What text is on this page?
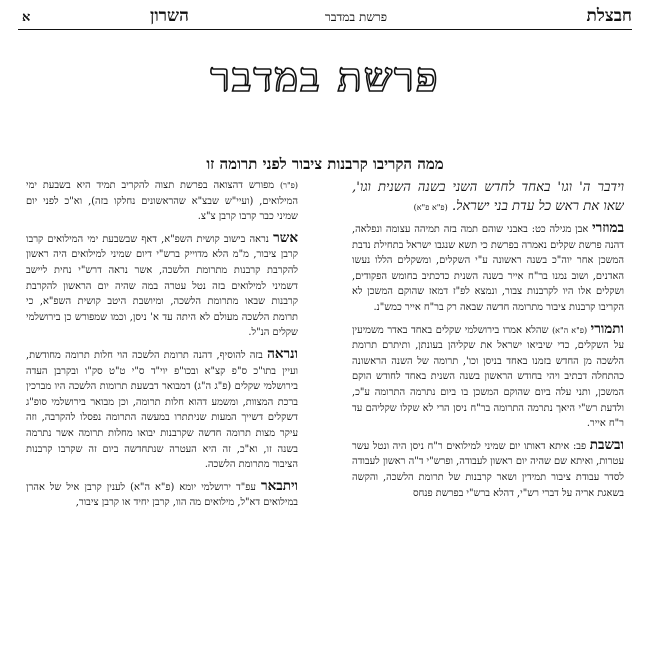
חבצלת
פרשת במדבר
השרון
א
פרשת במדבר
ממה הקריבו קרבנות ציבור לפני תרומה זו

וידבר ה' וגו' באחד לחדש השני בשנה השנית וגו', שאו את ראש כל עדת בני ישראל. (פ"א פ"א)

במוזרי אבן מגילה כט: באבני שוהם תמה בזה תמיהה עצומה ונפלאה, דהנה פרשת שקלים נאמרה בפרשת כי תשא שנגבו ישראל בתחילת נדבת המשכן אחר יוה"כ בשנה ראשונה ע"י השקלים, ומשקלים הללו נעשו האדנים, ושוב נמנו בר"ח אייר בשנה השנית כדכתיב בחומש הפקודים, ושקלים אלו היו לקרבנות צבור, ונמצא לפ"ז דמאז שהוקם המשכן לא הקריבו קרבנות ציבור מתרומה חדשה שבאה רק בר"ח אייר כמש"נ.

ותמורי (פ"א ה"א) שהלא אמרו בירושלמי שקלים באחד באדר משמיעין על השקלים, כדי שיביאו ישראל את שקליהן בעונתן, ותיתרם תרומת הלשכה מן החדש בזמנו באחד בניסן וכו', תרומה של השנה הראשונה כהתחלה דבתיב ויהי בחודש הראשון בשנה השנית באחד לחודש הוקם המשכן, ותני עלה ביום שהוקם המשכן בו ביום נתרמה התרומה ע"כ, ולדעת רש"י היאך נתרמה התרומה בר"ח ניסן הרי לא שקלו שקליהם עד ר"ח אייר.

ובשבת פב: איתא דאותו יום שמיני למילואים ר"ח ניסן היה ונטל עשר עטרות, ואיתא שם שהיה יום ראשון לעבודה, ופרש"י ד"ה ראשון לעבודה לסדר עבודת ציבור תמידין ושאר קרבנות של תרומת הלשכה, והקשה בשאגת אריה על דברי רש"י, דהלא ברש"י בפרשת פנחס

(פ"ר) מפורש דהצואה בפרשת תצוה להקריב תמיד היא בשבעת ימי המילואים, (ועיי"ש שבצ"א שהראשונים נחלקו בזה), וא"כ לפני יום שמיני כבר קרבו קרבן צ"צ.

אשר נראה בישוב קושית השפ"א, דאף שבשבעת ימי המילואים קרבו קרבן ציבור, מ"מ הלא מדוייק ברש"י דיום שמיני למילואים היה ראשון להקרבת קרבנות מתרומת הלשכה, אשר נראה דרש"י נחית ליישב דשמיני למילואים בזה נטל עטרה במה שהיה יום הראשון להקרבת קרבנות שבאו מתרומת הלשכה, ומיושבת היטב קושית השפ"א, כי תרומת הלשכה מעולם לא היתה עד א' ניסן, וכמו שמפורש כן בירושלמי שקלים הנ"ל.

ונראה בזה להוסיף, דהנה תרומת הלשכה הוי חלות תרומה מחודשת, ועיין בתו"כ ס"פ קצ"א ובכו"פ יוי"ד ס"י ט"ט סק"ו ובקרבן העדה בירושלמי שקלים (פ"ג ה"ג) דמבואר דבשעת תרומות הלשכה היו מברכין ברכת המצוות, ומשמע דהוא חלות תרומה, וכן מבואר בירושלמי סופ"ג דשקלים דשייך המעות שניתתרו במעשה התרומה נפסלו להקרבה, וזה עיקר מצות תרומה חדשה שקרבנות יבואו מחלות תרומה אשר נתרמה בשנה זו, וא"כ, זה היא העטרה שנתחדשה ביום זה שקרבו קרבנות הציבור מתרומת הלשכה.

ויתבאר עפ"ד ירושלמי יומא (פ"א ה"א) לענין קרבן איל של אהרן במילואים דא"ל, מילואים מה הוו, קרבן יחיד או קרבן ציבור,
